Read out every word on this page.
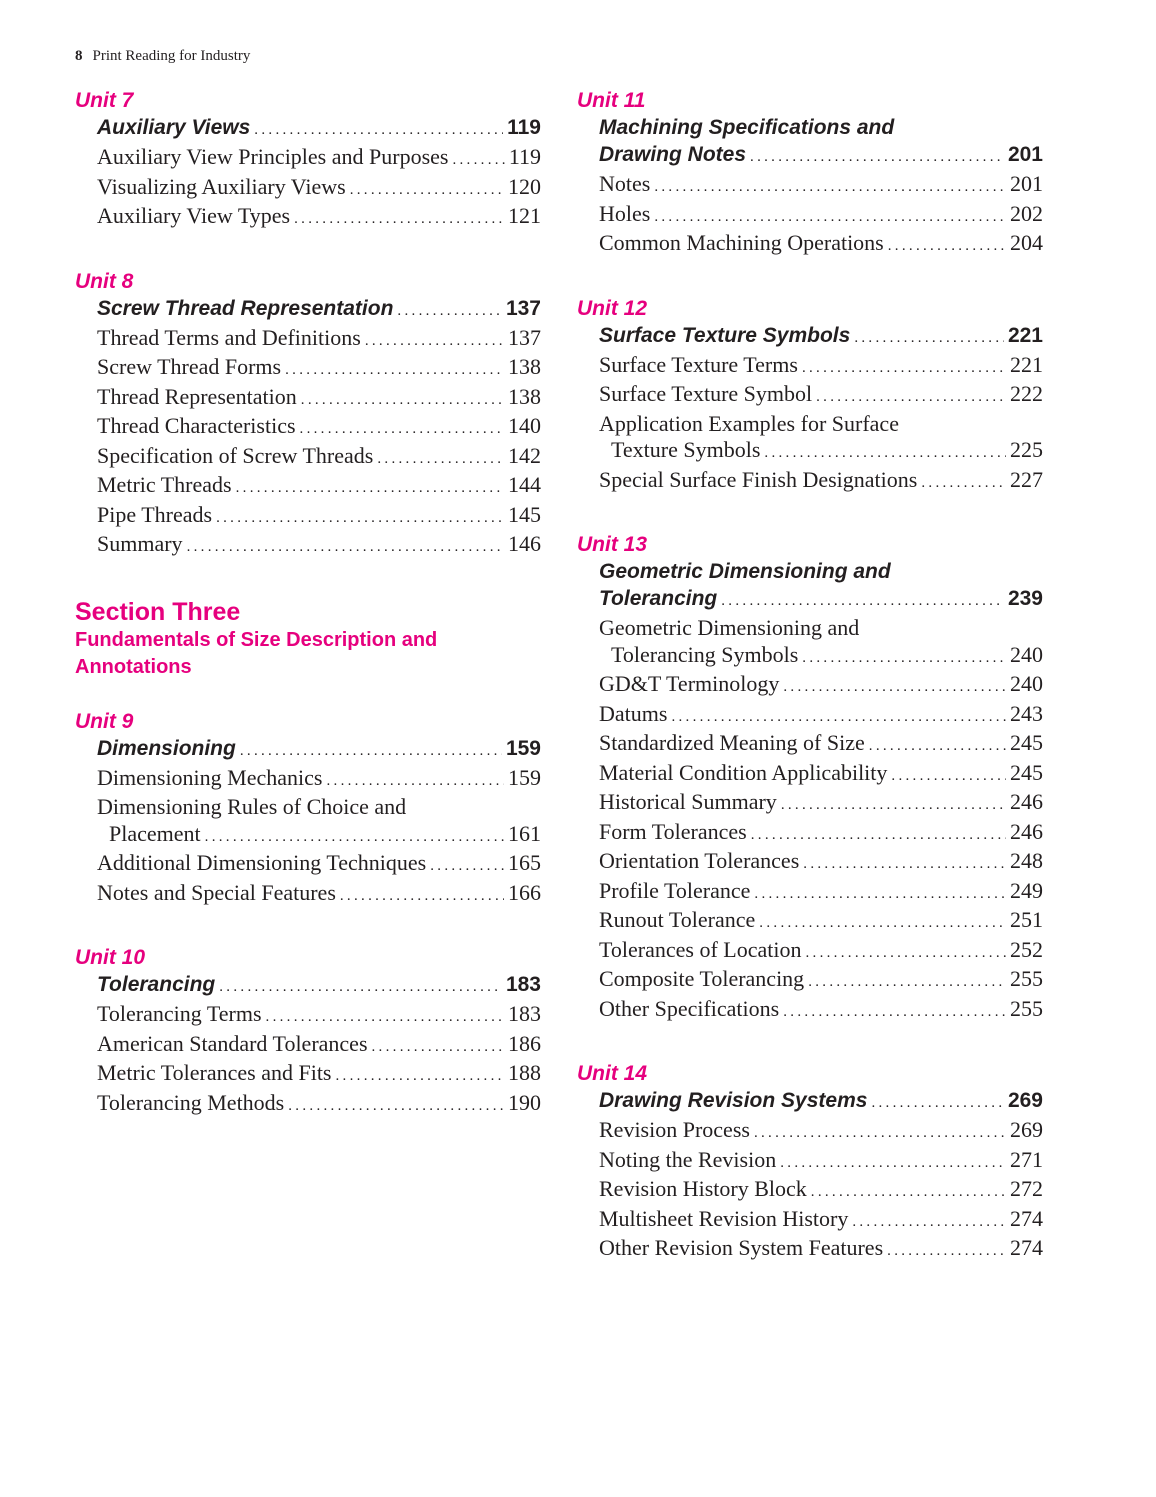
8 Print Reading for Industry
Unit 7
Auxiliary Views .....	119
Auxiliary View Principles and Purposes .....	119
Visualizing Auxiliary Views .....	120
Auxiliary View Types .....	121
Unit 8
Screw Thread Representation .....	137
Thread Terms and Definitions .....	137
Screw Thread Forms .....	138
Thread Representation .....	138
Thread Characteristics .....	140
Specification of Screw Threads .....	142
Metric Threads .....	144
Pipe Threads .....	145
Summary .....	146
Section Three
Fundamentals of Size Description and
Annotations
Unit 9
Dimensioning .....	159
Dimensioning Mechanics .....	159
Dimensioning Rules of Choice and
Placement .....	161
Additional Dimensioning Techniques .....	165
Notes and Special Features .....	166
Unit 10
Tolerancing .....	183
Tolerancing Terms .....	183
American Standard Tolerances .....	186
Metric Tolerances and Fits .....	188
Tolerancing Methods .....	190
Unit 11
Machining Specifications and
Drawing Notes .....	201
Notes .....	201
Holes .....	202
Common Machining Operations .....	204
Unit 12
Surface Texture Symbols .....	221
Surface Texture Terms .....	221
Surface Texture Symbol .....	222
Application Examples for Surface
Texture Symbols .....	225
Special Surface Finish Designations .....	227
Unit 13
Geometric Dimensioning and
Tolerancing .....	239
Geometric Dimensioning and
Tolerancing Symbols .....	240
GD&T Terminology .....	240
Datums .....	243
Standardized Meaning of Size .....	245
Material Condition Applicability .....	245
Historical Summary .....	246
Form Tolerances .....	246
Orientation Tolerances .....	248
Profile Tolerance .....	249
Runout Tolerance .....	251
Tolerances of Location .....	252
Composite Tolerancing .....	255
Other Specifications .....	255
Unit 14
Drawing Revision Systems .....	269
Revision Process .....	269
Noting the Revision .....	271
Revision History Block .....	272
Multisheet Revision History .....	274
Other Revision System Features .....	274
